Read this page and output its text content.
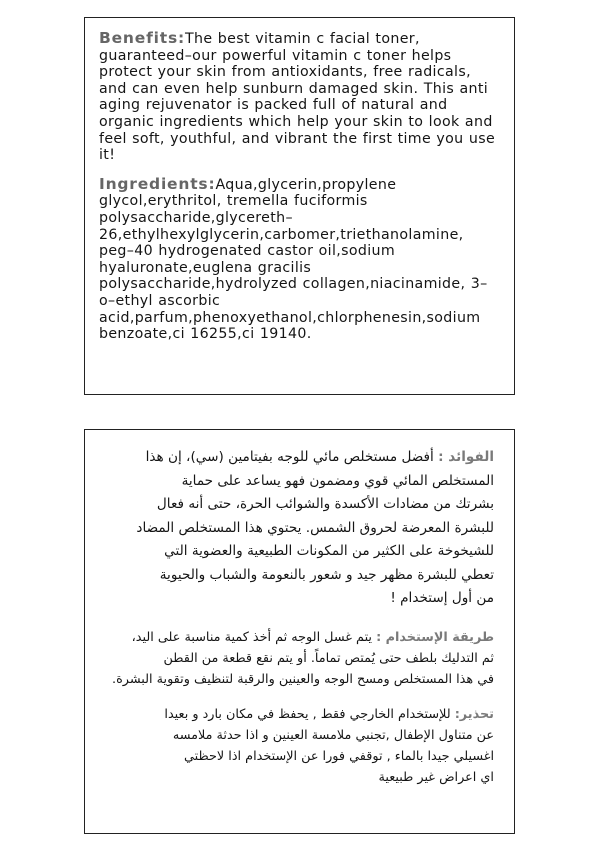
Benefits:The best vitamin c facial toner, guaranteed–our powerful vitamin c toner helps protect your skin from antioxidants, free radicals, and can even help sunburn damaged skin. This anti aging rejuvenator is packed full of natural and organic ingredients which help your skin to look and feel soft, youthful, and vibrant the first time you use it!

Ingredients:Aqua,glycerin,propylene glycol,erythritol, tremella fuciformis polysaccharide,glycereth–26,ethylhexylglycerin,carbomer,triethanolamine, peg–40 hydrogenated castor oil,sodium hyaluronate,euglena gracilis polysaccharide,hydrolyzed collagen,niacinamide, 3–o–ethyl ascorbic acid,parfum,phenoxyethanol,chlorphenesin,sodium benzoate,ci 16255,ci 19140.

الفوائد : أفضل مستخلص مائي للوجه بفيتامين (سي)، إن هذا
المستخلص المائي قوي ومضمون فهو يساعد على حماية
بشرتك من مضادات الأكسدة والشوائب الحرة، حتى أنه فعال
للبشرة المعرضة لحروق الشمس. يحتوي هذا المستخلص المضاد
للشيخوخة على الكثير من المكونات الطبيعية والعضوية التي
تعطي للبشرة مظهر جيد و شعور بالنعومة والشباب والحيوية
من أول إستخدام !

طريقة الإستخدام : يتم غسل الوجه ثم أخذ كمية مناسبة على اليد،
ثم التدليك بلطف حتى يُمتص تماماً. أو يتم نقع قطعة من القطن
في هذا المستخلص ومسح الوجه والعينين والرقبة لتنظيف وتقوية البشرة.

تحذير: للإستخدام الخارجي فقط , يحفظ في مكان بارد و بعيدا
عن متناول الإطفال ,تجنبي ملامسة العينين و اذا حدثة ملامسه
اغسيلي جيدا بالماء , توقفي فورا عن الإستخدام اذا لاحظتي
اي اعراض غير طبيعية
